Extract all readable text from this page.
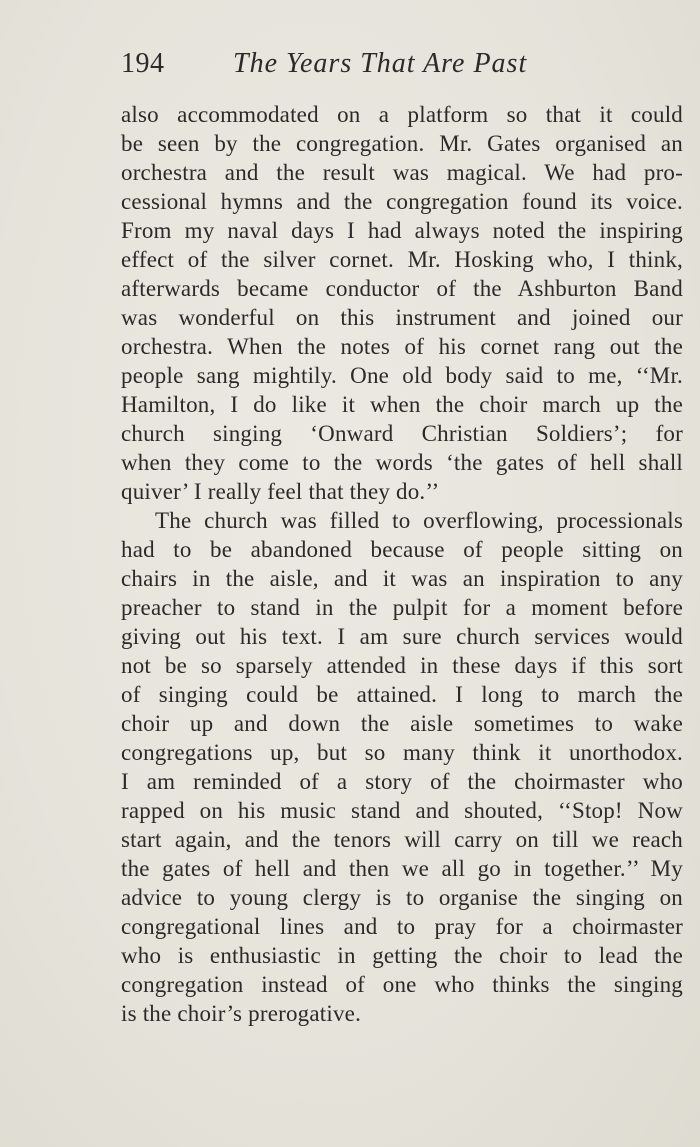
194 The Years That Are Past

also accommodated on a platform so that it could
be seen by the congregation. Mr. Gates organised an
orchestra and the result was magical. We had pro-
cessional hymns and the congregation found its voice.
From my naval days I had always noted the inspiring
effect of the silver cornet. Mr. Hosking who, I think,
afterwards became conductor of the Ashburton Band
was wonderful on this instrument and joined our
orchestra. When the notes of his cornet rang out the
people sang mightily. One old body said to me, ‘‘Mr.
Hamilton, I do like it when the choir march up the
church singing ‘Onward Christian Soldiers’; for
when they come to the words ‘the gates of hell shall
quiver’ I really feel that they do.’’

The church was filled to overflowing, processionals
had to be abandoned because of people sitting on
chairs in the aisle, and it was an inspiration to any
preacher to stand in the pulpit for a moment before
giving out his text. I am sure church services would
not be so sparsely attended in these days if this sort
of singing could be attained. I long to march the
choir up and down the aisle sometimes to wake
congregations up, but so many think it unorthodox.
I am reminded of a story of the choirmaster who
rapped on his music stand and shouted, ‘‘Stop! Now
start again, and the tenors will carry on till we reach
the gates of hell and then we all go in together.’’ My
advice to young clergy is to organise the singing on
congregational lines and to pray for a choirmaster
who is enthusiastic in getting the choir to lead the
congregation instead of one who thinks the singing
is the choir’s prerogative.
